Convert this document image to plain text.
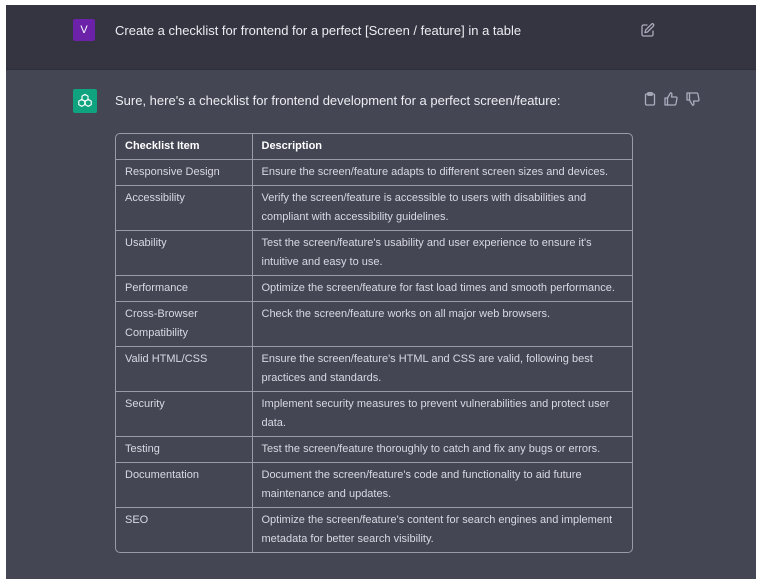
V	Create a checklist for frontend for a perfect [Screen / feature] in a table
Sure, here's a checklist for frontend development for a perfect screen/feature:
Checklist Item	Description
Responsive Design	Ensure the screen/feature adapts to different screen sizes and devices.
Accessibility	Verify the screen/feature is accessible to users with disabilities and compliant with accessibility guidelines.
Usability	Test the screen/feature's usability and user experience to ensure it's intuitive and easy to use.
Performance	Optimize the screen/feature for fast load times and smooth performance.
Cross-Browser Compatibility	Check the screen/feature works on all major web browsers.
Valid HTML/CSS	Ensure the screen/feature's HTML and CSS are valid, following best practices and standards.
Security	Implement security measures to prevent vulnerabilities and protect user data.
Testing	Test the screen/feature thoroughly to catch and fix any bugs or errors.
Documentation	Document the screen/feature's code and functionality to aid future maintenance and updates.
SEO	Optimize the screen/feature's content for search engines and implement metadata for better search visibility.
